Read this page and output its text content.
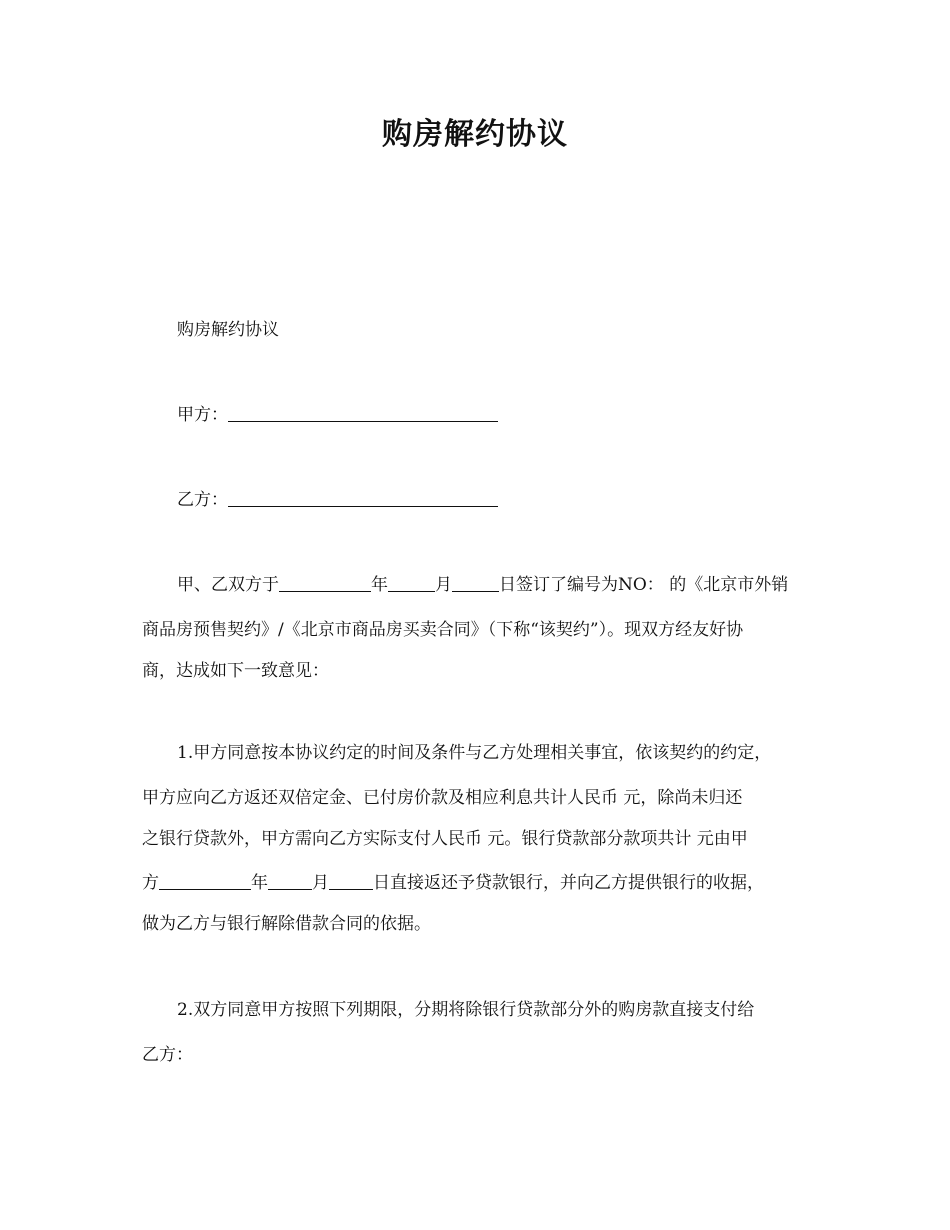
购房解约协议
购房解约协议
甲方：
乙方：
甲、乙双方于	年	月	日签订了编号为NO： 的《北京市外销
商品房预售契约》/《北京市商品房买卖合同》（下称“该契约”）。现双方经友好协
商，达成如下一致意见：
1.甲方同意按本协议约定的时间及条件与乙方处理相关事宜，依该契约的约定，
甲方应向乙方返还双倍定金、已付房价款及相应利息共计人民币 元，除尚未归还
之银行贷款外，甲方需向乙方实际支付人民币 元。银行贷款部分款项共计 元由甲
方	年	月	日直接返还予贷款银行，并向乙方提供银行的收据，
做为乙方与银行解除借款合同的依据。
2.双方同意甲方按照下列期限，分期将除银行贷款部分外的购房款直接支付给
乙方：
